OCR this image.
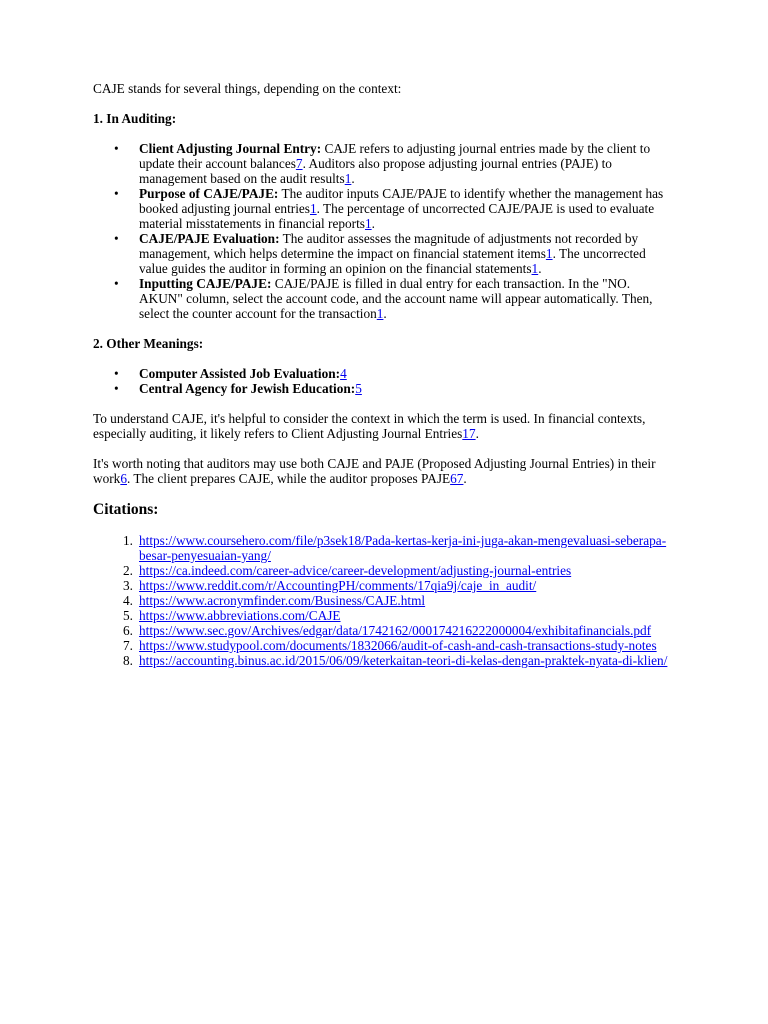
CAJE stands for several things, depending on the context:

1. In Auditing:
• Client Adjusting Journal Entry: CAJE refers to adjusting journal entries made by the client to update their account balances7. Auditors also propose adjusting journal entries (PAJE) to management based on the audit results1.
• Purpose of CAJE/PAJE: The auditor inputs CAJE/PAJE to identify whether the management has booked adjusting journal entries1. The percentage of uncorrected CAJE/PAJE is used to evaluate material misstatements in financial reports1.
• CAJE/PAJE Evaluation: The auditor assesses the magnitude of adjustments not recorded by management, which helps determine the impact on financial statement items1. The uncorrected value guides the auditor in forming an opinion on the financial statements1.
• Inputting CAJE/PAJE: CAJE/PAJE is filled in dual entry for each transaction. In the "NO. AKUN" column, select the account code, and the account name will appear automatically. Then, select the counter account for the transaction1.
2. Other Meanings:
• Computer Assisted Job Evaluation:4
• Central Agency for Jewish Education:5

To understand CAJE, it's helpful to consider the context in which the term is used. In financial contexts, especially auditing, it likely refers to Client Adjusting Journal Entries17.

It's worth noting that auditors may use both CAJE and PAJE (Proposed Adjusting Journal Entries) in their work6. The client prepares CAJE, while the auditor proposes PAJE67.

Citations:
1. https://www.coursehero.com/file/p3sek18/Pada-kertas-kerja-ini-juga-akan-mengevaluasi-seberapa-besar-penyesuaian-yang/
2. https://ca.indeed.com/career-advice/career-development/adjusting-journal-entries
3. https://www.reddit.com/r/AccountingPH/comments/17qia9j/caje_in_audit/
4. https://www.acronymfinder.com/Business/CAJE.html
5. https://www.abbreviations.com/CAJE
6. https://www.sec.gov/Archives/edgar/data/1742162/000174216222000004/exhibitafinancials.pdf
7. https://www.studypool.com/documents/1832066/audit-of-cash-and-cash-transactions-study-notes
8. https://accounting.binus.ac.id/2015/06/09/keterkaitan-teori-di-kelas-dengan-praktek-nyata-di-klien/
